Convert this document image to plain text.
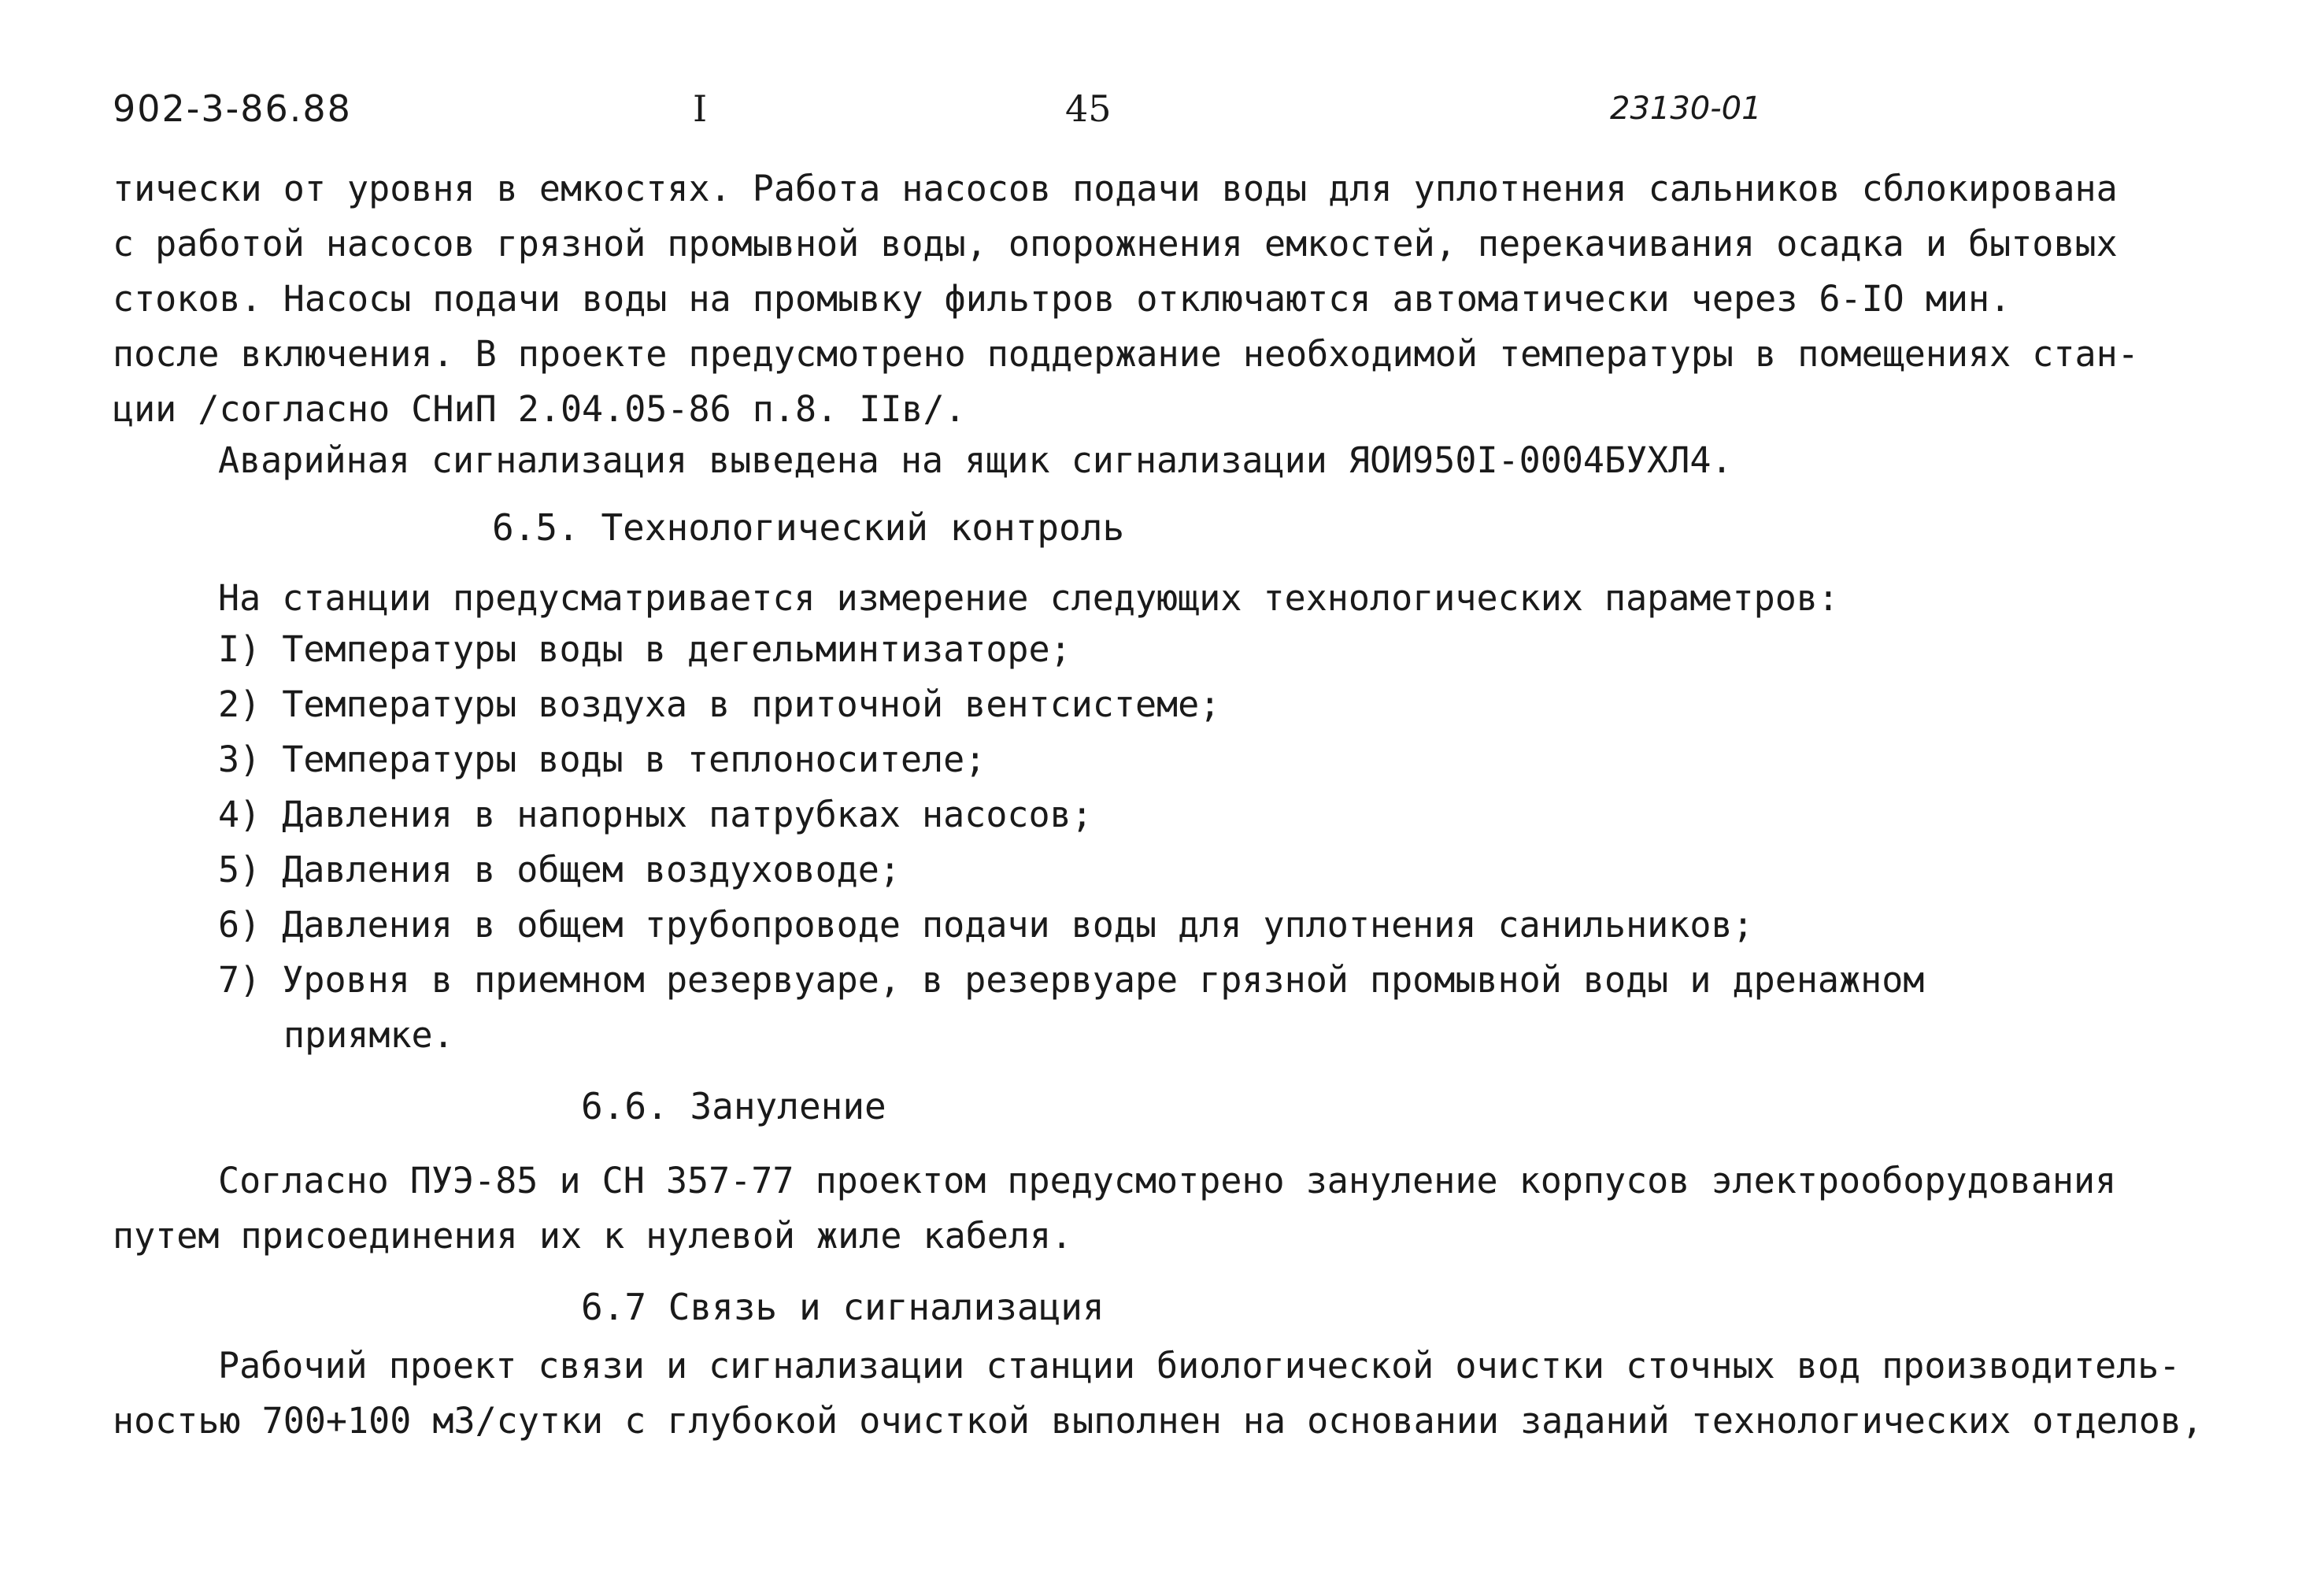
902-3-86.88	I	45	23130-01
тически от уровня в емкостях. Работа насосов подачи воды для уплотнения сальников сблокирована
с работой насосов грязной промывной воды, опорожнения емкостей, перекачивания осадка и бытовых
стоков. Насосы подачи воды на промывку фильтров отключаются автоматически через 6-IO мин.
после включения. В проекте предусмотрено поддержание необходимой температуры в помещениях стан-
ции /согласно СНиП 2.04.05-86 п.8. IIв/.
Аварийная сигнализация выведена на ящик сигнализации ЯОИ950I-0004БУХЛ4.
6.5. Технологический контроль
На станции предусматривается измерение следующих технологических параметров:
I) Температуры воды в дегельминтизаторе;
2) Температуры воздуха в приточной вентсистеме;
3) Температуры воды в теплоносителе;
4) Давления в напорных патрубках насосов;
5) Давления в общем воздуховоде;
6) Давления в общем трубопроводе подачи воды для уплотнения санильников;
7) Уровня в приемном резервуаре, в резервуаре грязной промывной воды и дренажном
приямке.
6.6. Зануление
Согласно ПУЭ-85 и СН 357-77 проектом предусмотрено зануление корпусов электрооборудования
путем присоединения их к нулевой жиле кабеля.
6.7 Связь и сигнализация
Рабочий проект связи и сигнализации станции биологической очистки сточных вод производитель-
ностью 700+100 м3/сутки с глубокой очисткой выполнен на основании заданий технологических отделов,
